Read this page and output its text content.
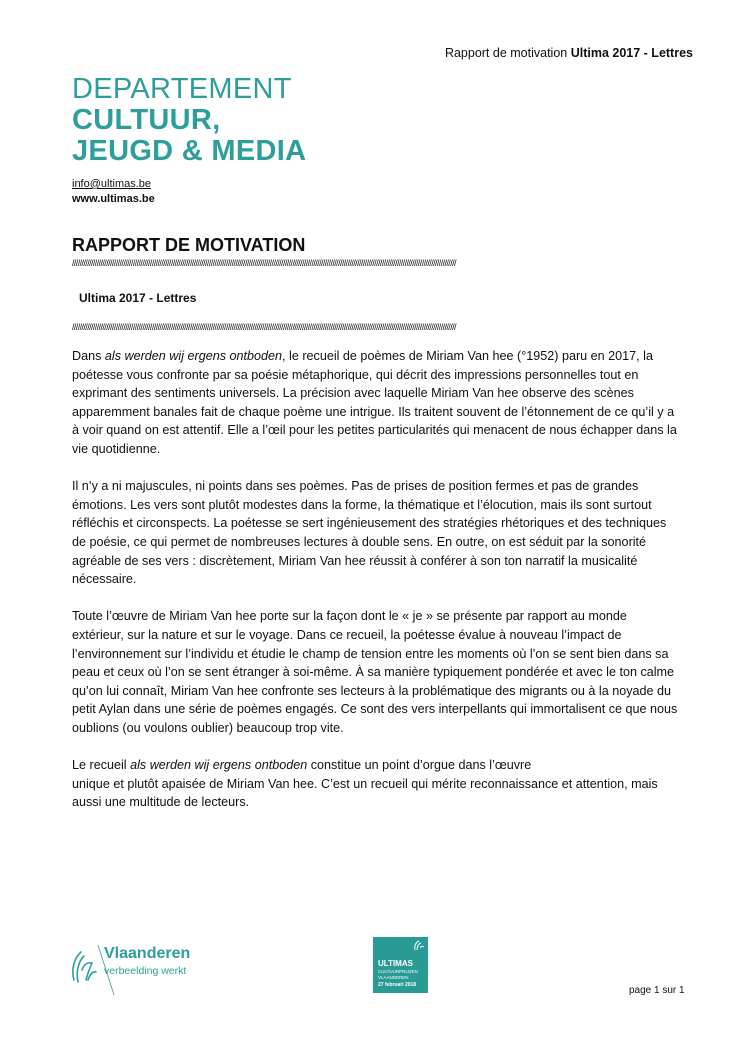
Rapport de motivation Ultima 2017 - Lettres
DEPARTEMENT
CULTUUR,
JEUGD & MEDIA
info@ultimas.be
www.ultimas.be
RAPPORT DE MOTIVATION
//////////////////////////////////////////////////////////////////////////////////////////////////////////////////////////////////////////////////////////////////////////////////////////////////////////
Ultima 2017 - Lettres
//////////////////////////////////////////////////////////////////////////////////////////////////////////////////////////////////////////////////////////////////////////////////////////////////////////

Dans als werden wij ergens ontboden, le recueil de poèmes de Miriam Van hee (°1952) paru en 2017, la poétesse vous confronte par sa poésie métaphorique, qui décrit des impressions personnelles tout en exprimant des sentiments universels. La précision avec laquelle Miriam Van hee observe des scènes apparemment banales fait de chaque poème une intrigue. Ils traitent souvent de l’étonnement de ce qu’il y a à voir quand on est attentif. Elle a l’œil pour les petites particularités qui menacent de nous échapper dans la vie quotidienne.

Il n’y a ni majuscules, ni points dans ses poèmes. Pas de prises de position fermes et pas de grandes émotions. Les vers sont plutôt modestes dans la forme, la thématique et l’élocution, mais ils sont surtout réfléchis et circonspects. La poétesse se sert ingénieusement des stratégies rhétoriques et des techniques de poésie, ce qui permet de nombreuses lectures à double sens. En outre, on est séduit par la sonorité agréable de ses vers : discrètement, Miriam Van hee réussit à conférer à son ton narratif la musicalité nécessaire.

Toute l’œuvre de Miriam Van hee porte sur la façon dont le « je » se présente par rapport au monde extérieur, sur la nature et sur le voyage. Dans ce recueil, la poétesse évalue à nouveau l’impact de l’environnement sur l’individu et étudie le champ de tension entre les moments où l’on se sent bien dans sa peau et ceux où l’on se sent étranger à soi-même. À sa manière typiquement pondérée et avec le ton calme qu’on lui connaît, Miriam Van hee confronte ses lecteurs à la problématique des migrants ou à la noyade du petit Aylan dans une série de poèmes engagés. Ce sont des vers interpellants qui immortalisent ce que nous oublions (ou voulons oublier) beaucoup trop vite.

Le recueil als werden wij ergens ontboden constitue un point d’orgue dans l’œuvre
unique et plutôt apaisée de Miriam Van hee. C’est un recueil qui mérite reconnaissance et attention, mais aussi une multitude de lecteurs.

Vlaanderen
verbeelding werkt
ULTIMAS
CULTUURPRIJZEN
VLAANDEREN
27 februari 2018	page 1 sur 1
